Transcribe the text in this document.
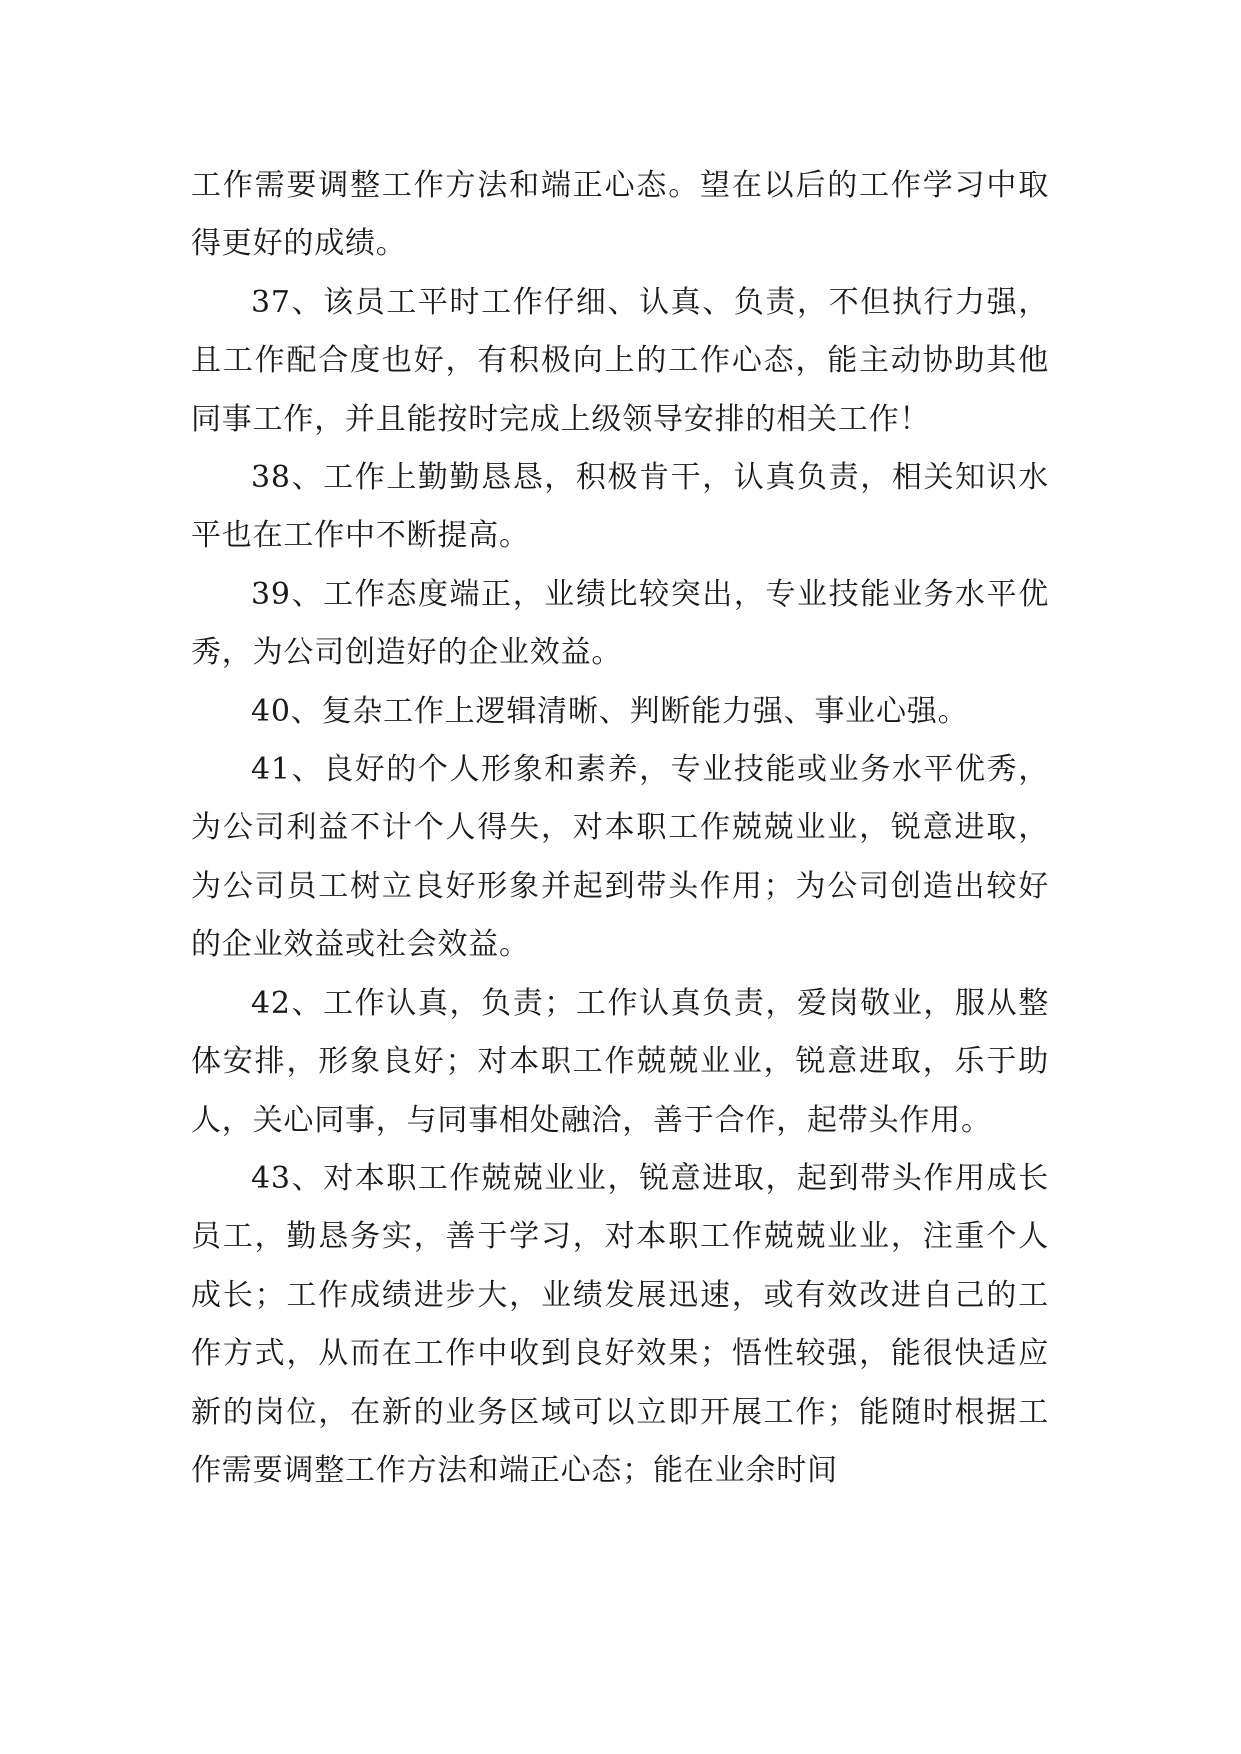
工作需要调整工作方法和端正心态。望在以后的工作学习中取得更好的成绩。

37、该员工平时工作仔细、认真、负责，不但执行力强，且工作配合度也好，有积极向上的工作心态，能主动协助其他同事工作，并且能按时完成上级领导安排的相关工作！

38、工作上勤勤恳恳，积极肯干，认真负责，相关知识水平也在工作中不断提高。

39、工作态度端正，业绩比较突出，专业技能业务水平优秀，为公司创造好的企业效益。

40、复杂工作上逻辑清晰、判断能力强、事业心强。

41、良好的个人形象和素养，专业技能或业务水平优秀，为公司利益不计个人得失，对本职工作兢兢业业，锐意进取，为公司员工树立良好形象并起到带头作用；为公司创造出较好的企业效益或社会效益。

42、工作认真，负责；工作认真负责，爱岗敬业，服从整体安排，形象良好；对本职工作兢兢业业，锐意进取，乐于助人，关心同事，与同事相处融洽，善于合作，起带头作用。

43、对本职工作兢兢业业，锐意进取，起到带头作用成长员工，勤恳务实，善于学习，对本职工作兢兢业业，注重个人成长；工作成绩进步大，业绩发展迅速，或有效改进自己的工作方式，从而在工作中收到良好效果；悟性较强，能很快适应新的岗位，在新的业务区域可以立即开展工作；能随时根据工作需要调整工作方法和端正心态；能在业余时间
